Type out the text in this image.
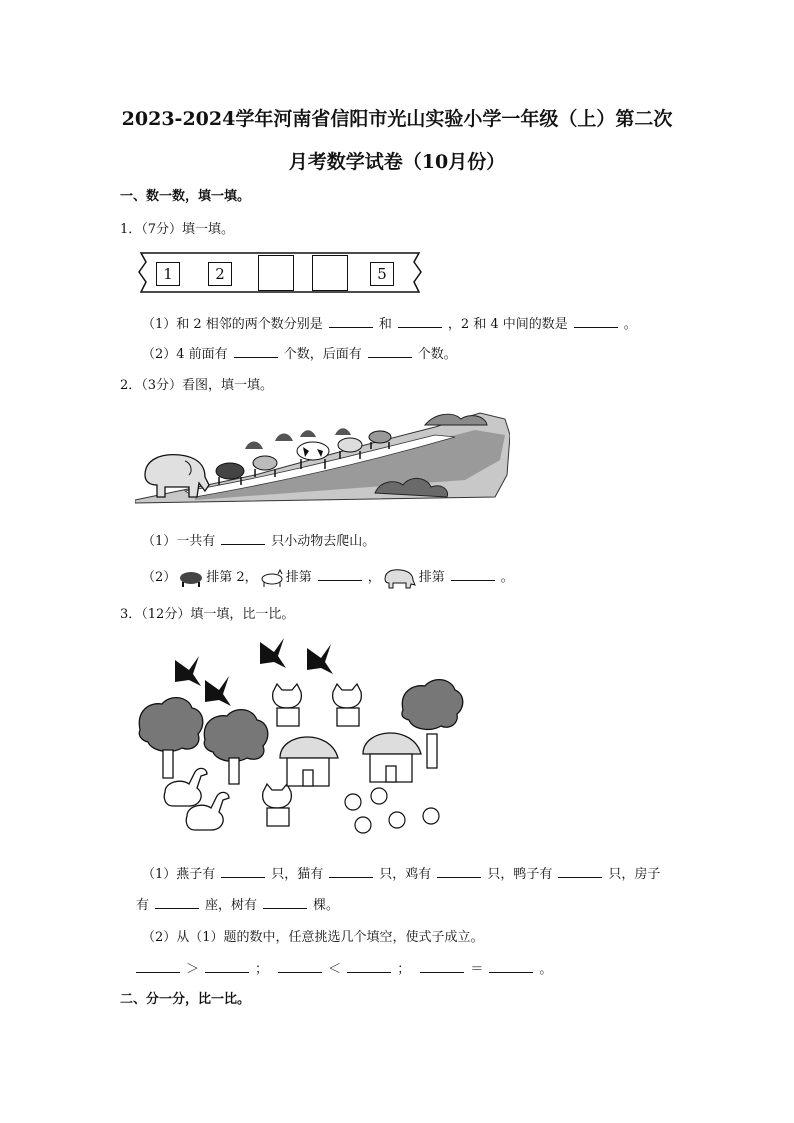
2023-2024学年河南省信阳市光山实验小学一年级（上）第二次
月考数学试卷（10月份）
一、数一数，填一填。
1．（7分）填一填。
1	2	5
（1）和 2 相邻的两个数分别是	和	，2 和 4 中间的数是	。
（2）4 前面有	个数，后面有	个数。
2．（3分）看图，填一填。
（1）一共有	只小动物去爬山。
（2） 排第 2， 排第	，	排第	。
3．（12分）填一填，比一比。
（1）燕子有	只，猫有	只，鸡有	只，鸭子有	只，房子
有	座，树有	棵。
（2）从（1）题的数中，任意挑选几个填空，使式子成立。
＞	；	＜	；	＝	。
二、分一分，比一比。
